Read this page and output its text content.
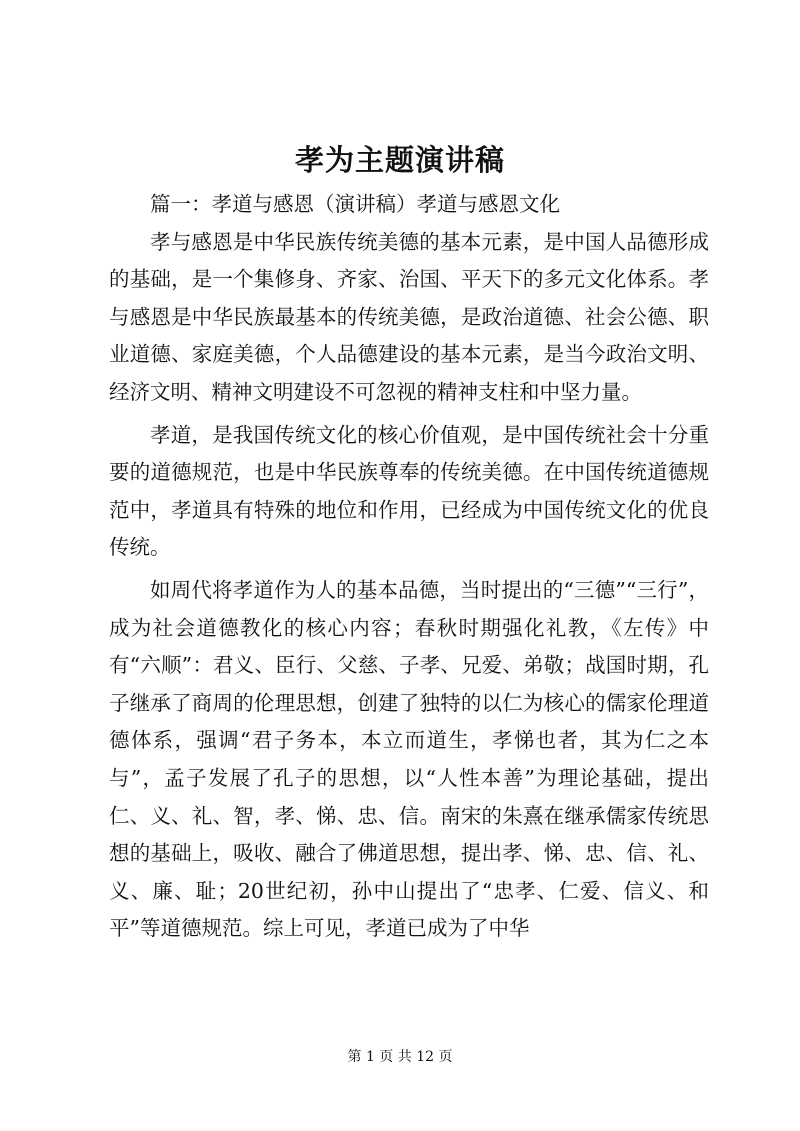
孝为主题演讲稿

篇一：孝道与感恩（演讲稿）孝道与感恩文化

孝与感恩是中华民族传统美德的基本元素，是中国人品德形成的基础，是一个集修身、齐家、治国、平天下的多元文化体系。孝与感恩是中华民族最基本的传统美德，是政治道德、社会公德、职业道德、家庭美德，个人品德建设的基本元素，是当今政治文明、经济文明、精神文明建设不可忽视的精神支柱和中坚力量。

孝道，是我国传统文化的核心价值观，是中国传统社会十分重要的道德规范，也是中华民族尊奉的传统美德。在中国传统道德规范中，孝道具有特殊的地位和作用，已经成为中国传统文化的优良传统。

如周代将孝道作为人的基本品德，当时提出的“三德”“三行”，成为社会道德教化的核心内容；春秋时期强化礼教，《左传》中有“六顺”：君义、臣行、父慈、子孝、兄爱、弟敬；战国时期，孔子继承了商周的伦理思想，创建了独特的以仁为核心的儒家伦理道德体系，强调“君子务本，本立而道生，孝悌也者，其为仁之本与”，孟子发展了孔子的思想，以“人性本善”为理论基础，提出仁、义、礼、智，孝、悌、忠、信。南宋的朱熹在继承儒家传统思想的基础上，吸收、融合了佛道思想，提出孝、悌、忠、信、礼、义、廉、耻；20世纪初，孙中山提出了“忠孝、仁爱、信义、和平”等道德规范。综上可见，孝道已成为了中华

第 1 页 共 12 页
